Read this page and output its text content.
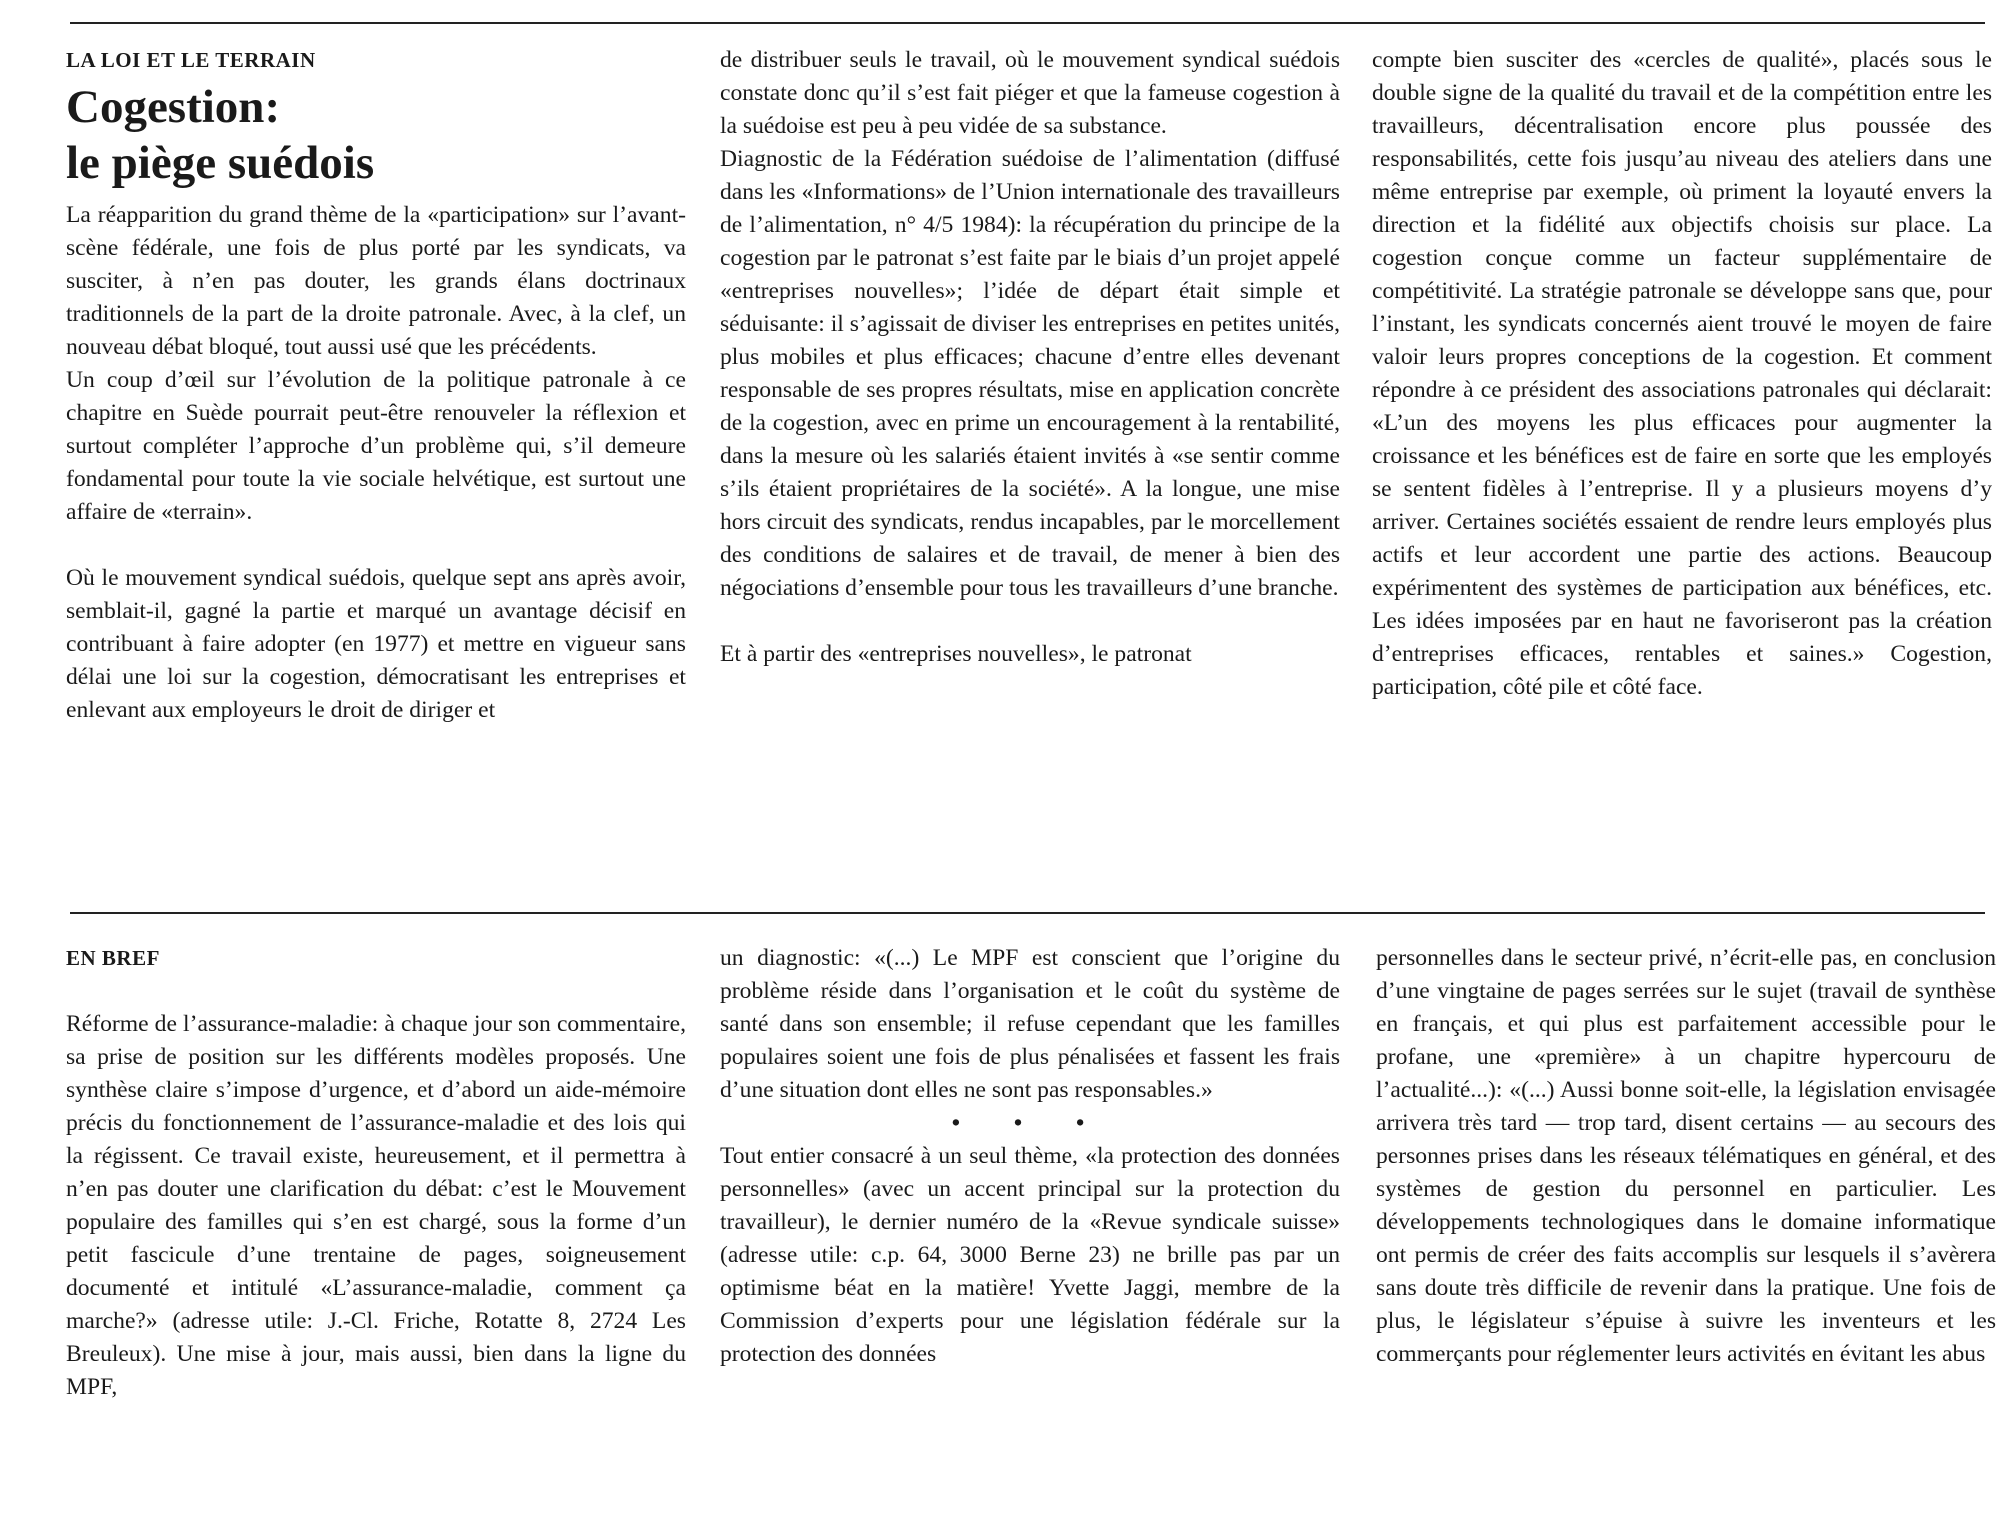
LA LOI ET LE TERRAIN

Cogestion:
le piège suédois

La réapparition du grand thème de la «participation» sur l’avant-scène fédérale, une fois de plus porté par les syndicats, va susciter, à n’en pas douter, les grands élans doctrinaux traditionnels de la part de la droite patronale. Avec, à la clef, un nouveau débat bloqué, tout aussi usé que les précédents.

Un coup d’œil sur l’évolution de la politique patronale à ce chapitre en Suède pourrait peut-être renouveler la réflexion et surtout compléter l’approche d’un problème qui, s’il demeure fondamental pour toute la vie sociale helvétique, est surtout une affaire de «terrain».

Où le mouvement syndical suédois, quelque sept ans après avoir, semblait-il, gagné la partie et marqué un avantage décisif en contribuant à faire adopter (en 1977) et mettre en vigueur sans délai une loi sur la cogestion, démocratisant les entreprises et enlevant aux employeurs le droit de diriger et

de distribuer seuls le travail, où le mouvement syndical suédois constate donc qu’il s’est fait piéger et que la fameuse cogestion à la suédoise est peu à peu vidée de sa substance.

Diagnostic de la Fédération suédoise de l’alimentation (diffusé dans les «Informations» de l’Union internationale des travailleurs de l’alimentation, n° 4/5 1984): la récupération du principe de la cogestion par le patronat s’est faite par le biais d’un projet appelé «entreprises nouvelles»; l’idée de départ était simple et séduisante: il s’agissait de diviser les entreprises en petites unités, plus mobiles et plus efficaces; chacune d’entre elles devenant responsable de ses propres résultats, mise en application concrète de la cogestion, avec en prime un encouragement à la rentabilité, dans la mesure où les salariés étaient invités à «se sentir comme s’ils étaient propriétaires de la société». A la longue, une mise hors circuit des syndicats, rendus incapables, par le morcellement des conditions de salaires et de travail, de mener à bien des négociations d’ensemble pour tous les travailleurs d’une branche.

Et à partir des «entreprises nouvelles», le patronat

compte bien susciter des «cercles de qualité», placés sous le double signe de la qualité du travail et de la compétition entre les travailleurs, décentralisation encore plus poussée des responsabilités, cette fois jusqu’au niveau des ateliers dans une même entreprise par exemple, où priment la loyauté envers la direction et la fidélité aux objectifs choisis sur place. La cogestion conçue comme un facteur supplémentaire de compétitivité. La stratégie patronale se développe sans que, pour l’instant, les syndicats concernés aient trouvé le moyen de faire valoir leurs propres conceptions de la cogestion. Et comment répondre à ce président des associations patronales qui déclarait: «L’un des moyens les plus efficaces pour augmenter la croissance et les bénéfices est de faire en sorte que les employés se sentent fidèles à l’entreprise. Il y a plusieurs moyens d’y arriver. Certaines sociétés essaient de rendre leurs employés plus actifs et leur accordent une partie des actions. Beaucoup expérimentent des systèmes de participation aux bénéfices, etc. Les idées imposées par en haut ne favoriseront pas la création d’entreprises efficaces, rentables et saines.» Cogestion, participation, côté pile et côté face.

EN BREF

Réforme de l’assurance-maladie: à chaque jour son commentaire, sa prise de position sur les différents modèles proposés. Une synthèse claire s’impose d’urgence, et d’abord un aide-mémoire précis du fonctionnement de l’assurance-maladie et des lois qui la régissent. Ce travail existe, heureusement, et il permettra à n’en pas douter une clarification du débat: c’est le Mouvement populaire des familles qui s’en est chargé, sous la forme d’un petit fascicule d’une trentaine de pages, soigneusement documenté et intitulé «L’assurance-maladie, comment ça marche?» (adresse utile: J.-Cl. Friche, Rotatte 8, 2724 Les Breuleux). Une mise à jour, mais aussi, bien dans la ligne du MPF,

un diagnostic: «(...) Le MPF est conscient que l’origine du problème réside dans l’organisation et le coût du système de santé dans son ensemble; il refuse cependant que les familles populaires soient une fois de plus pénalisées et fassent les frais d’une situation dont elles ne sont pas responsables.»

• • •

Tout entier consacré à un seul thème, «la protection des données personnelles» (avec un accent principal sur la protection du travailleur), le dernier numéro de la «Revue syndicale suisse» (adresse utile: c.p. 64, 3000 Berne 23) ne brille pas par un optimisme béat en la matière! Yvette Jaggi, membre de la Commission d’experts pour une législation fédérale sur la protection des données

personnelles dans le secteur privé, n’écrit-elle pas, en conclusion d’une vingtaine de pages serrées sur le sujet (travail de synthèse en français, et qui plus est parfaitement accessible pour le profane, une «première» à un chapitre hypercouru de l’actualité...): «(...) Aussi bonne soit-elle, la législation envisagée arrivera très tard — trop tard, disent certains — au secours des personnes prises dans les réseaux télématiques en général, et des systèmes de gestion du personnel en particulier. Les développements technologiques dans le domaine informatique ont permis de créer des faits accomplis sur lesquels il s’avèrera sans doute très difficile de revenir dans la pratique. Une fois de plus, le législateur s’épuise à suivre les inventeurs et les commerçants pour réglementer leurs activités en évitant les abus
